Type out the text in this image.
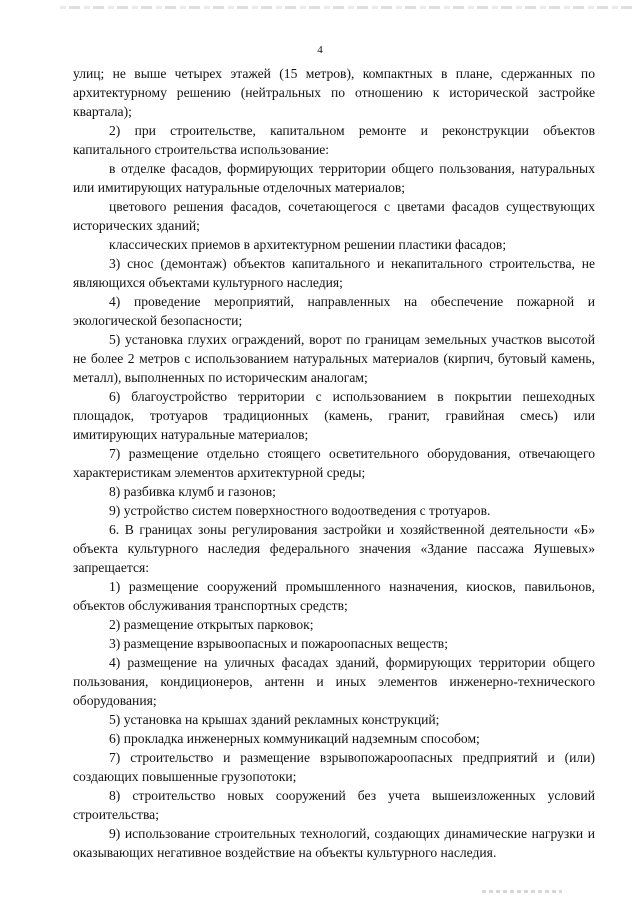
4

улиц; не выше четырех этажей (15 метров), компактных в плане, сдержанных по архитектурному решению (нейтральных по отношению к исторической застройке квартала);

2) при строительстве, капитальном ремонте и реконструкции объектов капитального строительства использование:

в отделке фасадов, формирующих территории общего пользования, натуральных или имитирующих натуральные отделочных материалов;

цветового решения фасадов, сочетающегося с цветами фасадов существующих исторических зданий;

классических приемов в архитектурном решении пластики фасадов;

3) снос (демонтаж) объектов капитального и некапитального строительства, не являющихся объектами культурного наследия;

4) проведение мероприятий, направленных на обеспечение пожарной и экологической безопасности;

5) установка глухих ограждений, ворот по границам земельных участков высотой не более 2 метров с использованием натуральных материалов (кирпич, бутовый камень, металл), выполненных по историческим аналогам;

6) благоустройство территории с использованием в покрытии пешеходных площадок, тротуаров традиционных (камень, гранит, гравийная смесь) или имитирующих натуральные материалов;

7) размещение отдельно стоящего осветительного оборудования, отвечающего характеристикам элементов архитектурной среды;

8) разбивка клумб и газонов;

9) устройство систем поверхностного водоотведения с тротуаров.

6. В границах зоны регулирования застройки и хозяйственной деятельности «Б» объекта культурного наследия федерального значения «Здание пассажа Яушевых» запрещается:

1) размещение сооружений промышленного назначения, киосков, павильонов, объектов обслуживания транспортных средств;

2) размещение открытых парковок;

3) размещение взрывоопасных и пожароопасных веществ;

4) размещение на уличных фасадах зданий, формирующих территории общего пользования, кондиционеров, антенн и иных элементов инженерно-технического оборудования;

5) установка на крышах зданий рекламных конструкций;

6) прокладка инженерных коммуникаций надземным способом;

7) строительство и размещение взрывопожароопасных предприятий и (или) создающих повышенные грузопотоки;

8) строительство новых сооружений без учета вышеизложенных условий строительства;

9) использование строительных технологий, создающих динамические нагрузки и оказывающих негативное воздействие на объекты культурного наследия.
